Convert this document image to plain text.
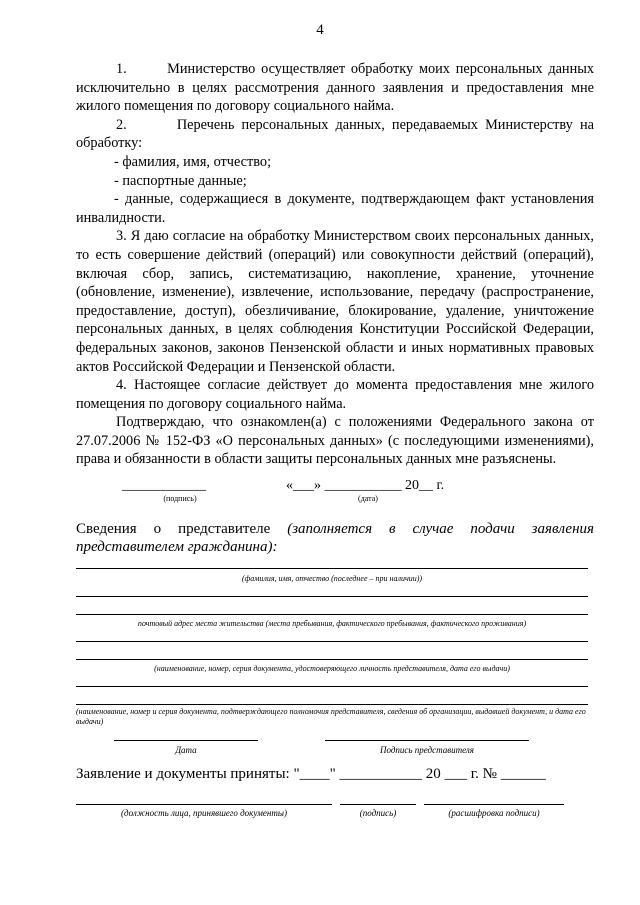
4

1.       Министерство осуществляет обработку моих персональных данных исключительно в целях рассмотрения данного заявления и предоставления мне жилого помещения по договору социального найма.

2.       Перечень персональных данных, передаваемых Министерству на обработку:

- фамилия, имя, отчество;

- паспортные данные;

- данные, содержащиеся в документе, подтверждающем факт установления инвалидности.

3. Я даю согласие на обработку Министерством своих персональных данных, то есть совершение действий (операций) или совокупности действий (операций), включая сбор, запись, систематизацию, накопление, хранение, уточнение (обновление, изменение), извлечение, использование, передачу (распространение, предоставление, доступ), обезличивание, блокирование, удаление, уничтожение персональных данных, в целях соблюдения Конституции Российской Федерации, федеральных законов, законов Пензенской области и иных нормативных правовых актов Российской Федерации и Пензенской области.

4. Настоящее согласие действует до момента предоставления мне жилого помещения по договору социального найма.

Подтверждаю, что ознакомлен(а) с положениями Федерального закона от 27.07.2006 № 152-ФЗ «О персональных данных» (с последующими изменениями), права и обязанности в области защиты персональных данных мне разъяснены.

____________	«___» ___________ 20__ г.
(подпись)	(дата)
Сведения о представителе (заполняется в случае подачи заявления
представителем гражданина):
(фамилия, имя, отчество (последнее – при наличии))
почтовый адрес места жительства (места пребывания, фактического пребывания, фактического проживания)
(наименование, номер, серия документа, удостоверяющего личность представителя, дата его выдачи)
(наименование, номер и серия документа, подтверждающего полномочия представителя, сведения об организации, выдавшей документ, и дата его выдачи)
Дата	Подпись представителя
Заявление и документы приняты: "____" ___________ 20 ___ г. № ______
(должность лица, принявшего документы)	(подпись)	(расшифровка подписи)
